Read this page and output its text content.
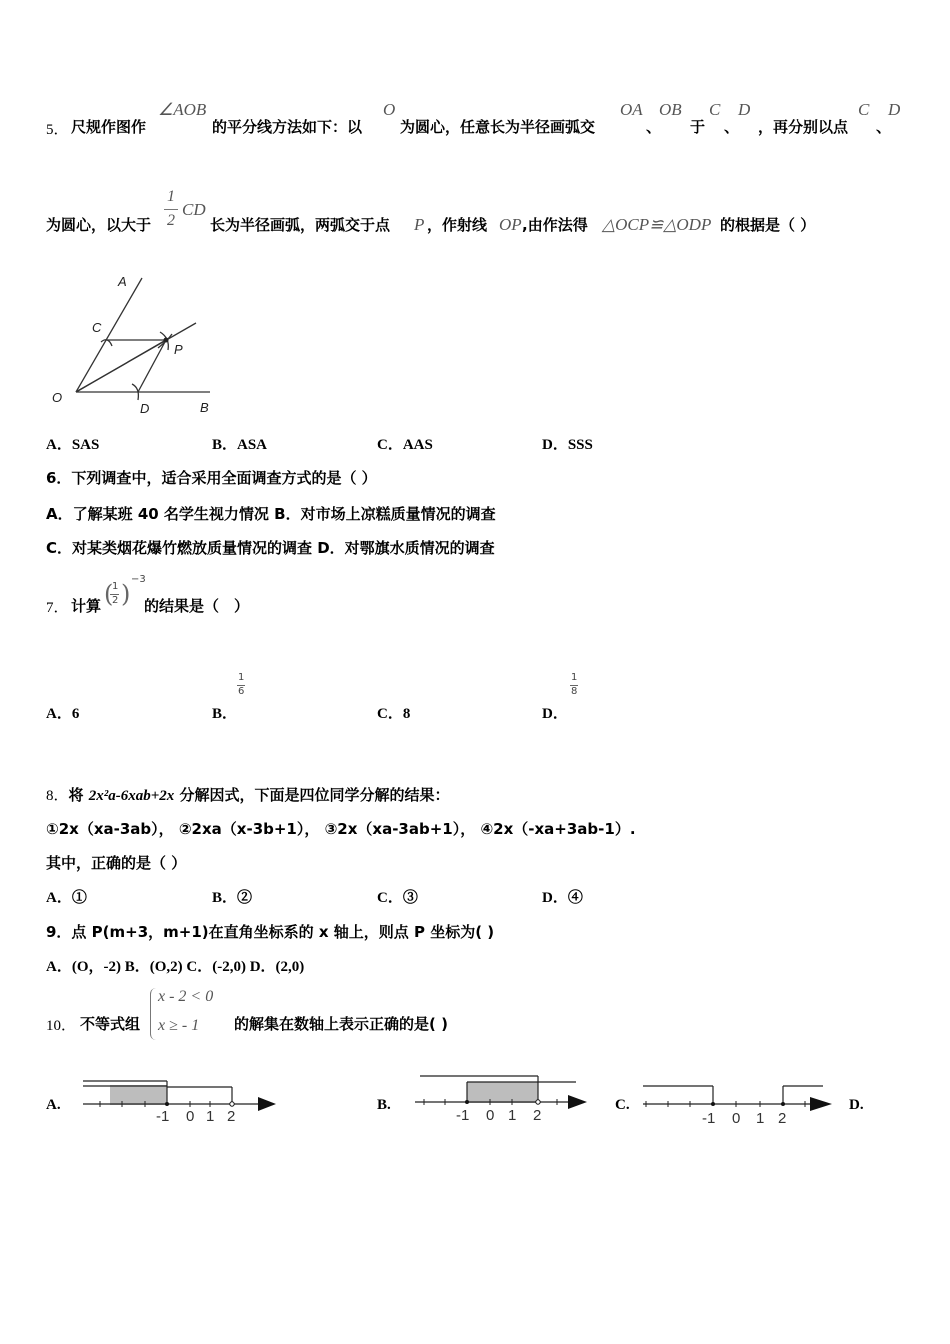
5． 尺规作图作
∠AOB
的平分线方法如下：以
O
为圆心，任意长为半径画弧交
OA
、
OB
于
C
、
D
，再分别以点
C
、
D
为圆心，以大于
1
2
CD
长为半径画弧，两弧交于点 P ，作射线 OP ,由作法得 △OCP≌△ODP 的根据是（ ）
A
C
P
O
D	B
A．SAS	B．ASA	C．AAS	D．SSS
6．下列调查中，适合采用全面调查方式的是（ ）
A．了解某班 40 名学生视力情况 B．对市场上凉糕质量情况的调查
C．对某类烟花爆竹燃放质量情况的调查 D．对鄂旗水质情况的调查
7． 计算 (
1
2 )
−3
的结果是（　）
A．6	B．
1
6
C．8	D．
1
8
8．将 2x²a-6xab+2x 分解因式，下面是四位同学分解的结果：
①2x（xa-3ab）， ②2xa（x-3b+1）， ③2x（xa-3ab+1）， ④2x（-xa+3ab-1）.
其中，正确的是（ ）
A．①	B．②	C．③	D．④
9．点 P(m+3，m+1)在直角坐标系的 x 轴上，则点 P 坐标为( )
A．(O，-2) B．(O,2) C．(-2,0) D．(2,0)
10． 不等式组
x - 2 < 0
x ≥ - 1 的解集在数轴上表示正确的是( )
A.
-1 0 1 2
B.
-1 0 1 2
C.
-1 0 1 2
D.
